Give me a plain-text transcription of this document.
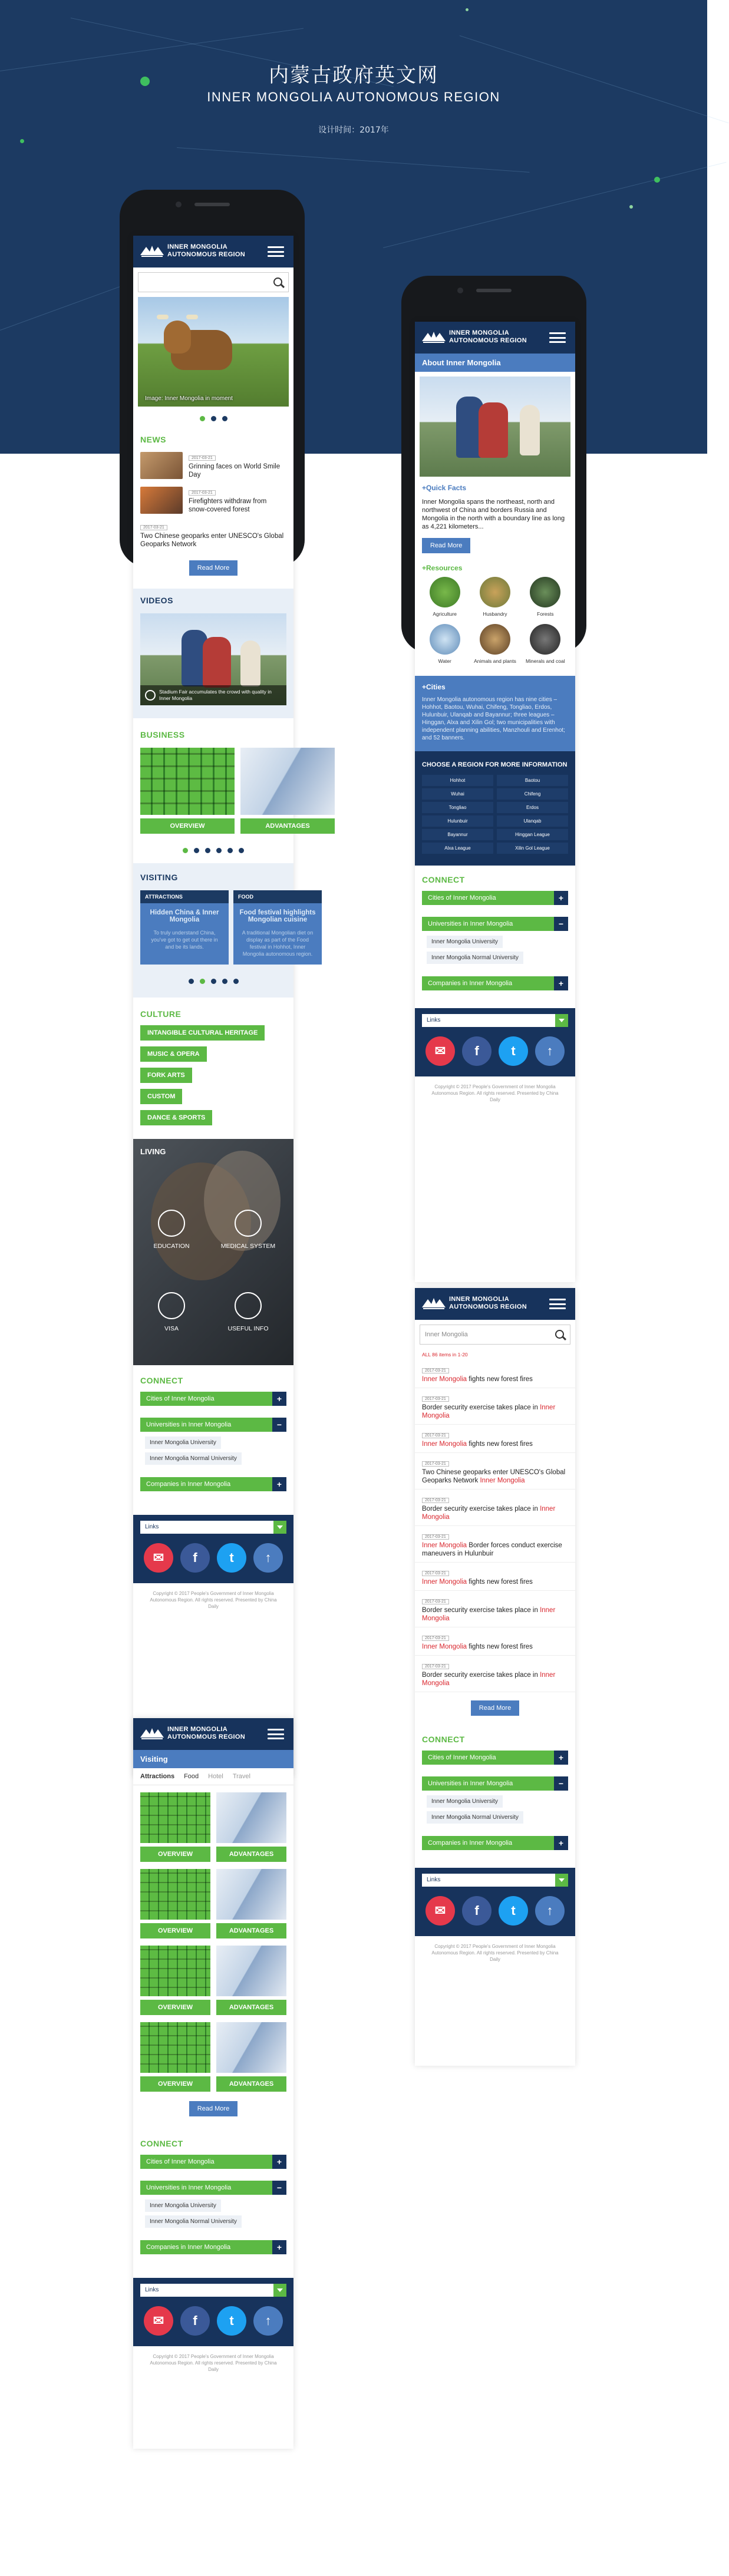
内蒙古政府英文网
INNER MONGOLIA AUTONOMOUS REGION
设计时间：2017年
INNER MONGOLIA
AUTONOMOUS REGION
Image: Inner Mongolia in moment
NEWS
2017-03-21
Grinning faces on World Smile Day
2017-03-21
Firefighters withdraw from snow-covered forest
2017-03-21
Two Chinese geoparks enter UNESCO's Global Geoparks Network
Read More
VIDEOS
Stadium Fair accumulates the crowd with quality in Inner Mongolia
BUSINESS
OVERVIEW	ADVANTAGES
VISITING
ATTRACTIONS
Hidden China & Inner Mongolia
To truly understand China, you've got to get out there in and be its lands.
FOOD
Food festival highlights Mongolian cuisine
A traditional Mongolian diet on display as part of the Food festival in Hohhot, Inner Mongolia autonomous region.
CULTURE
INTANGIBLE CULTURAL HERITAGE
MUSIC & OPERA
FORK ARTS
CUSTOM
DANCE & SPORTS
LIVING
EDUCATION	MEDICAL SYSTEM
VISA	USEFUL INFO
CONNECT
Cities of Inner Mongolia	+
Universities in Inner Mongolia	−
Inner Mongolia University
Inner Mongolia Normal University
Companies in Inner Mongolia	+
Links
✉	f	t	↑
Copyright © 2017 People's Government of Inner Mongolia Autonomous Region. All rights reserved. Presented by China Daily
INNER MONGOLIA
AUTONOMOUS REGION
Visiting
Attractions Food Hotel Travel
OVERVIEW	ADVANTAGES
OVERVIEW	ADVANTAGES
OVERVIEW	ADVANTAGES
OVERVIEW	ADVANTAGES
Read More
CONNECT
Cities of Inner Mongolia	+
Universities in Inner Mongolia	−
Inner Mongolia University
Inner Mongolia Normal University
Companies in Inner Mongolia	+
Links
✉	f	t	↑
Copyright © 2017 People's Government of Inner Mongolia Autonomous Region. All rights reserved. Presented by China Daily
INNER MONGOLIA
AUTONOMOUS REGION
About Inner Mongolia
+Quick Facts
Inner Mongolia spans the northeast, north and northwest of China and borders Russia and Mongolia in the north with a boundary line as long as 4,221 kilometers...
Read More
+Resources
Agriculture	Husbandry	Forests
Water	Animals and plants	Minerals and coal
+Cities
Inner Mongolia autonomous region has nine cities – Hohhot, Baotou, Wuhai, Chifeng, Tongliao, Erdos, Hulunbuir, Ulanqab and Bayannur; three leagues – Hinggan, Alxa and Xilin Gol; two municipalities with independent planning abilities, Manzhouli and Erenhot; and 52 banners.
CHOOSE A REGION FOR MORE INFORMATION
Hohhot	Baotou
Wuhai	Chifeng
Tongliao	Erdos
Hulunbuir	Ulanqab
Bayannur	Hinggan League
Alxa League	Xilin Gol League
CONNECT
Cities of Inner Mongolia	+
Universities in Inner Mongolia	−
Inner Mongolia University
Inner Mongolia Normal University
Companies in Inner Mongolia	+
Links
✉	f	t	↑
Copyright © 2017 People's Government of Inner Mongolia Autonomous Region. All rights reserved. Presented by China Daily
INNER MONGOLIA
AUTONOMOUS REGION
Inner Mongolia
ALL 86 items in 1-20
2017-03-21
Inner Mongolia fights new forest fires
2017-03-21
Border security exercise takes place in Inner Mongolia
2017-03-21
Inner Mongolia fights new forest fires
2017-03-21
Two Chinese geoparks enter UNESCO's Global Geoparks Network Inner Mongolia
2017-03-21
Border security exercise takes place in Inner Mongolia
2017-03-21
Inner Mongolia Border forces conduct exercise maneuvers in Hulunbuir
2017-03-21
Inner Mongolia fights new forest fires
2017-03-21
Border security exercise takes place in Inner Mongolia
2017-03-21
Inner Mongolia fights new forest fires
2017-03-21
Border security exercise takes place in Inner Mongolia
Read More
CONNECT
Cities of Inner Mongolia	+
Universities in Inner Mongolia	−
Inner Mongolia University
Inner Mongolia Normal University
Companies in Inner Mongolia	+
Links
✉	f	t	↑
Copyright © 2017 People's Government of Inner Mongolia Autonomous Region. All rights reserved. Presented by China Daily
